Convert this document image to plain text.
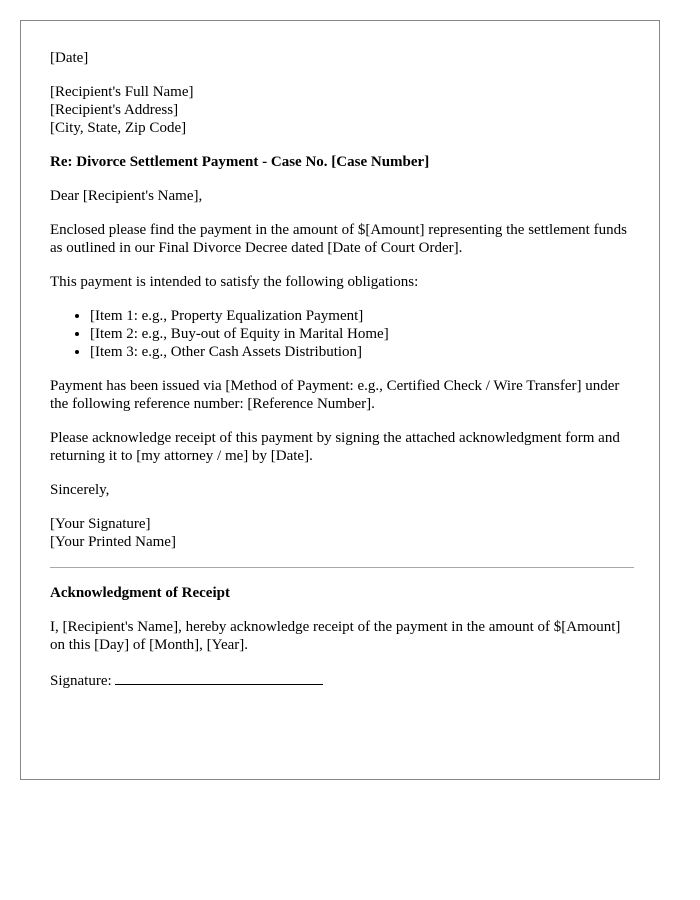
[Date]

[Recipient's Full Name]
[Recipient's Address]
[City, State, Zip Code]

Re: Divorce Settlement Payment - Case No. [Case Number]

Dear [Recipient's Name],

Enclosed please find the payment in the amount of $[Amount] representing the settlement funds as outlined in our Final Divorce Decree dated [Date of Court Order].

This payment is intended to satisfy the following obligations:

• [Item 1: e.g., Property Equalization Payment]
• [Item 2: e.g., Buy-out of Equity in Marital Home]
• [Item 3: e.g., Other Cash Assets Distribution]

Payment has been issued via [Method of Payment: e.g., Certified Check / Wire Transfer] under the following reference number: [Reference Number].

Please acknowledge receipt of this payment by signing the attached acknowledgment form and returning it to [my attorney / me] by [Date].

Sincerely,

[Your Signature]
[Your Printed Name]

Acknowledgment of Receipt

I, [Recipient's Name], hereby acknowledge receipt of the payment in the amount of $[Amount] on this [Day] of [Month], [Year].

Signature:
